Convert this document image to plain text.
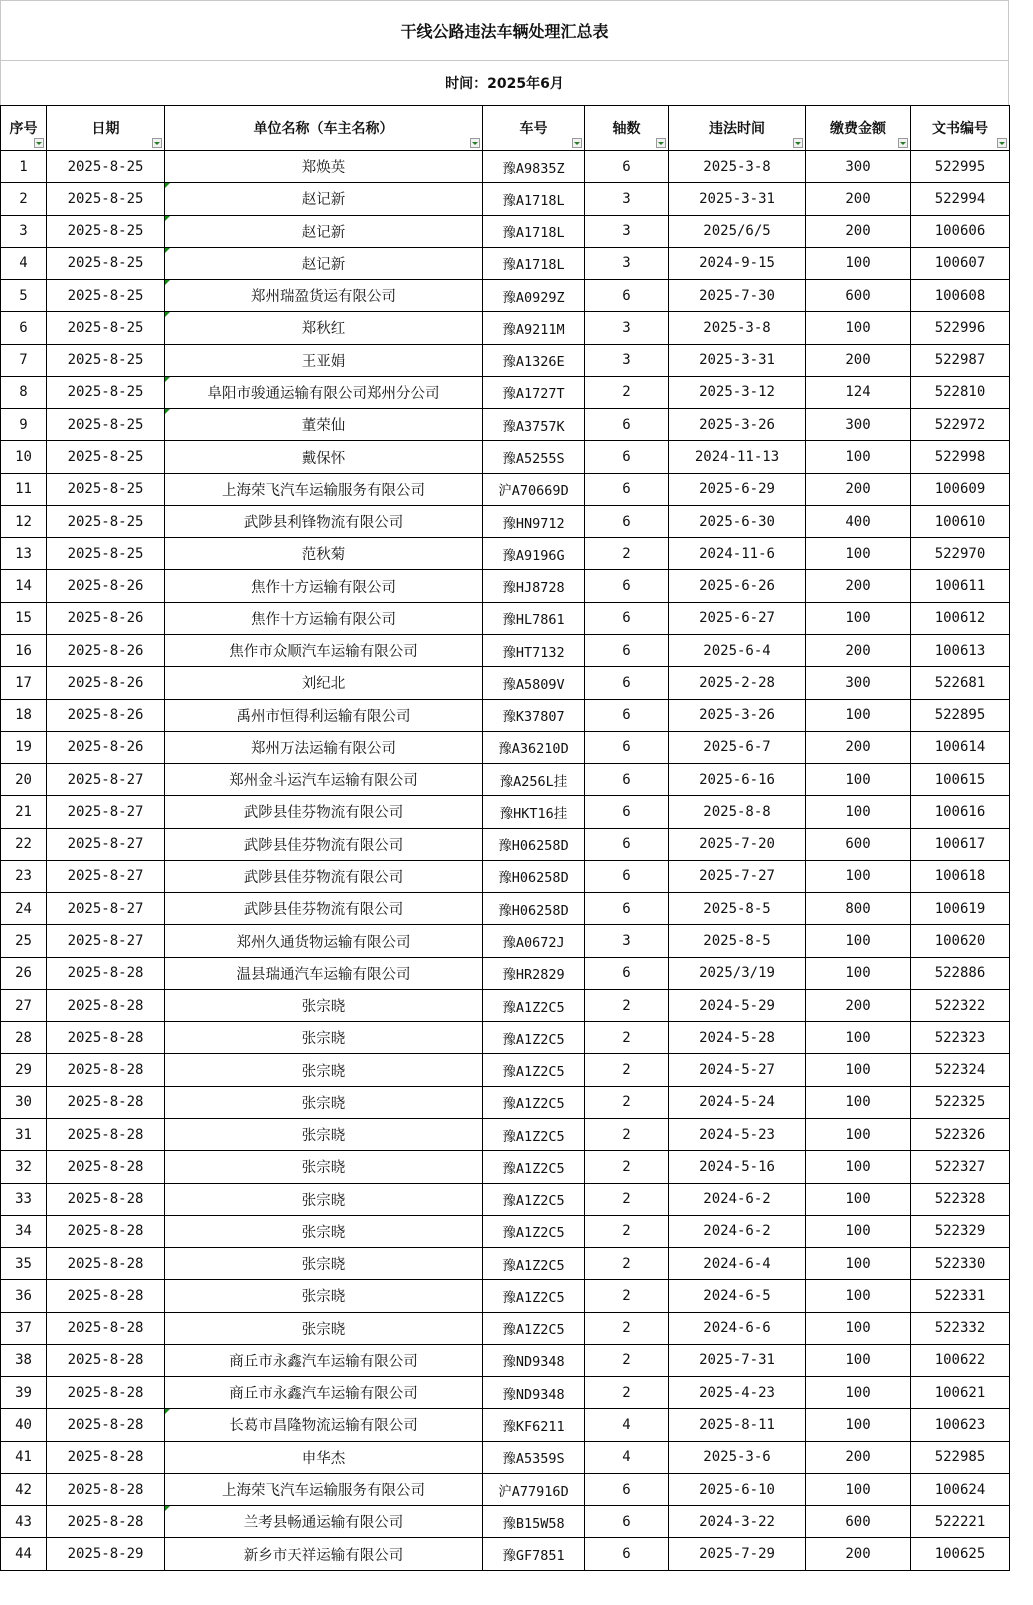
干线公路违法车辆处理汇总表
时间：2025年6月
序号	日期	单位名称（车主名称）	车号	轴数	违法时间	缴费金额	文书编号

1	2025-8-25	郑焕英	豫A9835Z	6	2025-3-8	300	522995
2	2025-8-25	赵记新	豫A1718L	3	2025-3-31	200	522994
3	2025-8-25	赵记新	豫A1718L	3	2025/6/5	200	100606
4	2025-8-25	赵记新	豫A1718L	3	2024-9-15	100	100607
5	2025-8-25	郑州瑞盈货运有限公司	豫A0929Z	6	2025-7-30	600	100608
6	2025-8-25	郑秋红	豫A9211M	3	2025-3-8	100	522996
7	2025-8-25	王亚娟	豫A1326E	3	2025-3-31	200	522987
8	2025-8-25	阜阳市骏通运输有限公司郑州分公司	豫A1727T	2	2025-3-12	124	522810
9	2025-8-25	董荣仙	豫A3757K	6	2025-3-26	300	522972
10	2025-8-25	戴保怀	豫A5255S	6	2024-11-13	100	522998
11	2025-8-25	上海荣飞汽车运输服务有限公司	沪A70669D	6	2025-6-29	200	100609
12	2025-8-25	武陟县利锋物流有限公司	豫HN9712	6	2025-6-30	400	100610
13	2025-8-25	范秋菊	豫A9196G	2	2024-11-6	100	522970
14	2025-8-26	焦作十方运输有限公司	豫HJ8728	6	2025-6-26	200	100611
15	2025-8-26	焦作十方运输有限公司	豫HL7861	6	2025-6-27	100	100612
16	2025-8-26	焦作市众顺汽车运输有限公司	豫HT7132	6	2025-6-4	200	100613
17	2025-8-26	刘纪北	豫A5809V	6	2025-2-28	300	522681
18	2025-8-26	禹州市恒得利运输有限公司	豫K37807	6	2025-3-26	100	522895
19	2025-8-26	郑州万法运输有限公司	豫A36210D	6	2025-6-7	200	100614
20	2025-8-27	郑州金斗运汽车运输有限公司	豫A256L挂	6	2025-6-16	100	100615
21	2025-8-27	武陟县佳芬物流有限公司	豫HKT16挂	6	2025-8-8	100	100616
22	2025-8-27	武陟县佳芬物流有限公司	豫H06258D	6	2025-7-20	600	100617
23	2025-8-27	武陟县佳芬物流有限公司	豫H06258D	6	2025-7-27	100	100618
24	2025-8-27	武陟县佳芬物流有限公司	豫H06258D	6	2025-8-5	800	100619
25	2025-8-27	郑州久通货物运输有限公司	豫A0672J	3	2025-8-5	100	100620
26	2025-8-28	温县瑞通汽车运输有限公司	豫HR2829	6	2025/3/19	100	522886
27	2025-8-28	张宗晓	豫A1Z2C5	2	2024-5-29	200	522322
28	2025-8-28	张宗晓	豫A1Z2C5	2	2024-5-28	100	522323
29	2025-8-28	张宗晓	豫A1Z2C5	2	2024-5-27	100	522324
30	2025-8-28	张宗晓	豫A1Z2C5	2	2024-5-24	100	522325
31	2025-8-28	张宗晓	豫A1Z2C5	2	2024-5-23	100	522326
32	2025-8-28	张宗晓	豫A1Z2C5	2	2024-5-16	100	522327
33	2025-8-28	张宗晓	豫A1Z2C5	2	2024-6-2	100	522328
34	2025-8-28	张宗晓	豫A1Z2C5	2	2024-6-2	100	522329
35	2025-8-28	张宗晓	豫A1Z2C5	2	2024-6-4	100	522330
36	2025-8-28	张宗晓	豫A1Z2C5	2	2024-6-5	100	522331
37	2025-8-28	张宗晓	豫A1Z2C5	2	2024-6-6	100	522332
38	2025-8-28	商丘市永鑫汽车运输有限公司	豫ND9348	2	2025-7-31	100	100622
39	2025-8-28	商丘市永鑫汽车运输有限公司	豫ND9348	2	2025-4-23	100	100621
40	2025-8-28	长葛市昌隆物流运输有限公司	豫KF6211	4	2025-8-11	100	100623
41	2025-8-28	申华杰	豫A5359S	4	2025-3-6	200	522985
42	2025-8-28	上海荣飞汽车运输服务有限公司	沪A77916D	6	2025-6-10	100	100624
43	2025-8-28	兰考县畅通运输有限公司	豫B15W58	6	2024-3-22	600	522221
44	2025-8-29	新乡市天祥运输有限公司	豫GF7851	6	2025-7-29	200	100625
